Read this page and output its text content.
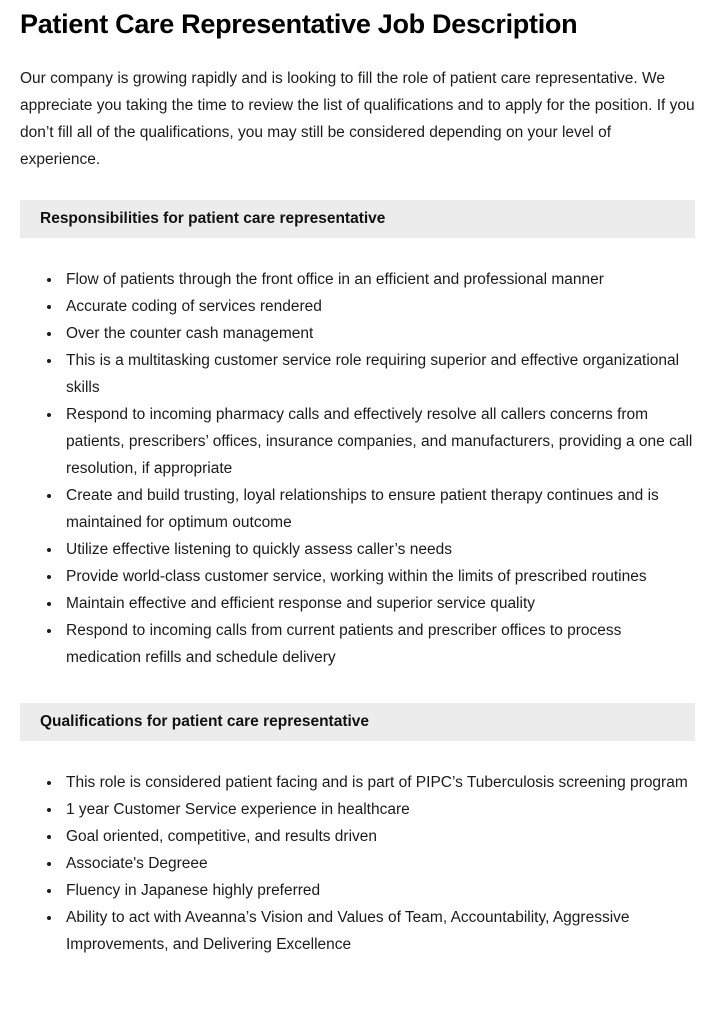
Patient Care Representative Job Description

Our company is growing rapidly and is looking to fill the role of patient care representative. We appreciate you taking the time to review the list of qualifications and to apply for the position. If you don’t fill all of the qualifications, you may still be considered depending on your level of experience.

Responsibilities for patient care representative
• Flow of patients through the front office in an efficient and professional manner
• Accurate coding of services rendered
• Over the counter cash management
• This is a multitasking customer service role requiring superior and effective organizational skills
• Respond to incoming pharmacy calls and effectively resolve all callers concerns from patients, prescribers’ offices, insurance companies, and manufacturers, providing a one call resolution, if appropriate
• Create and build trusting, loyal relationships to ensure patient therapy continues and is maintained for optimum outcome
• Utilize effective listening to quickly assess caller’s needs
• Provide world-class customer service, working within the limits of prescribed routines
• Maintain effective and efficient response and superior service quality
• Respond to incoming calls from current patients and prescriber offices to process medication refills and schedule delivery
Qualifications for patient care representative
• This role is considered patient facing and is part of PIPC’s Tuberculosis screening program
• 1 year Customer Service experience in healthcare
• Goal oriented, competitive, and results driven
• Associate's Degreee
• Fluency in Japanese highly preferred
• Ability to act with Aveanna’s Vision and Values of Team, Accountability, Aggressive Improvements, and Delivering Excellence
